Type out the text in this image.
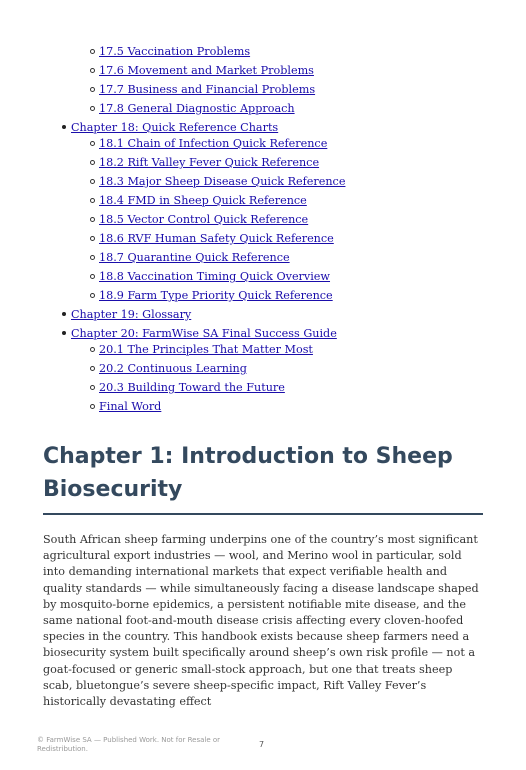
17.5 Vaccination Problems
17.6 Movement and Market Problems
17.7 Business and Financial Problems
17.8 General Diagnostic Approach
Chapter 18: Quick Reference Charts
18.1 Chain of Infection Quick Reference
18.2 Rift Valley Fever Quick Reference
18.3 Major Sheep Disease Quick Reference
18.4 FMD in Sheep Quick Reference
18.5 Vector Control Quick Reference
18.6 RVF Human Safety Quick Reference
18.7 Quarantine Quick Reference
18.8 Vaccination Timing Quick Overview
18.9 Farm Type Priority Quick Reference
Chapter 19: Glossary
Chapter 20: FarmWise SA Final Success Guide
20.1 The Principles That Matter Most
20.2 Continuous Learning
20.3 Building Toward the Future
Final Word
Chapter 1: Introduction to Sheep Biosecurity

South African sheep farming underpins one of the country’s most significant agricultural export industries — wool, and Merino wool in particular, sold into demanding international markets that expect verifiable health and quality standards — while simultaneously facing a disease landscape shaped by mosquito-borne epidemics, a persistent notifiable mite disease, and the same national foot-and-mouth disease crisis affecting every cloven-hoofed species in the country. This handbook exists because sheep farmers need a biosecurity system built specifically around sheep’s own risk profile — not a goat-focused or generic small-stock approach, but one that treats sheep scab, bluetongue’s severe sheep-specific impact, Rift Valley Fever’s historically devastating effect

© FarmWise SA — Published Work. Not for Resale or Redistribution.	7
